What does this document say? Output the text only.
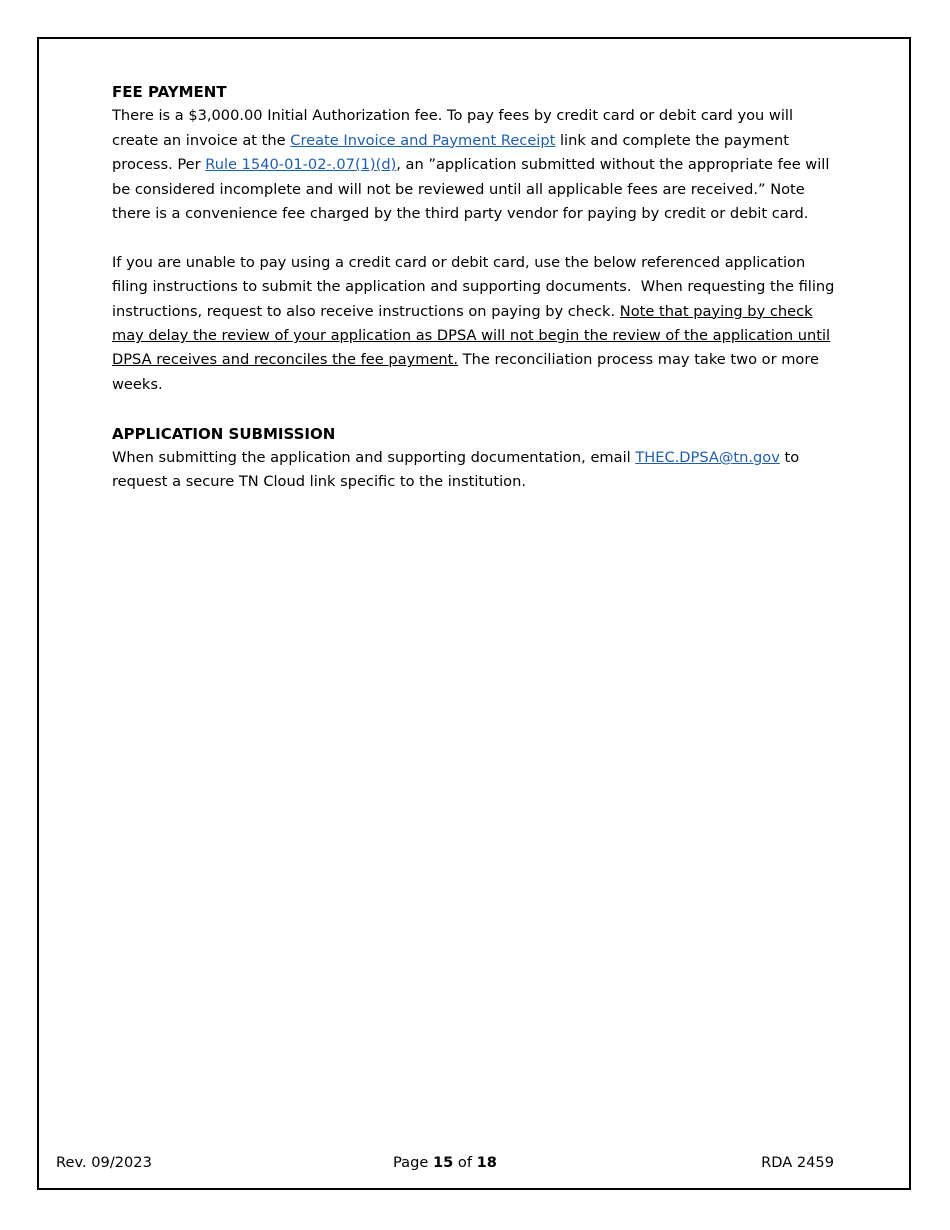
FEE PAYMENT

There is a $3,000.00 Initial Authorization fee. To pay fees by credit card or debit card you will create an invoice at the Create Invoice and Payment Receipt link and complete the payment process. Per Rule 1540-01-02-.07(1)(d), an ”application submitted without the appropriate fee will be considered incomplete and will not be reviewed until all applicable fees are received.” Note there is a convenience fee charged by the third party vendor for paying by credit or debit card.

If you are unable to pay using a credit card or debit card, use the below referenced application filing instructions to submit the application and supporting documents.  When requesting the filing instructions, request to also receive instructions on paying by check. Note that paying by check may delay the review of your application as DPSA will not begin the review of the application until DPSA receives and reconciles the fee payment. The reconciliation process may take two or more weeks.

APPLICATION SUBMISSION

When submitting the application and supporting documentation, email THEC.DPSA@tn.gov to request a secure TN Cloud link specific to the institution.

Rev. 09/2023	Page 15 of 18	RDA 2459
